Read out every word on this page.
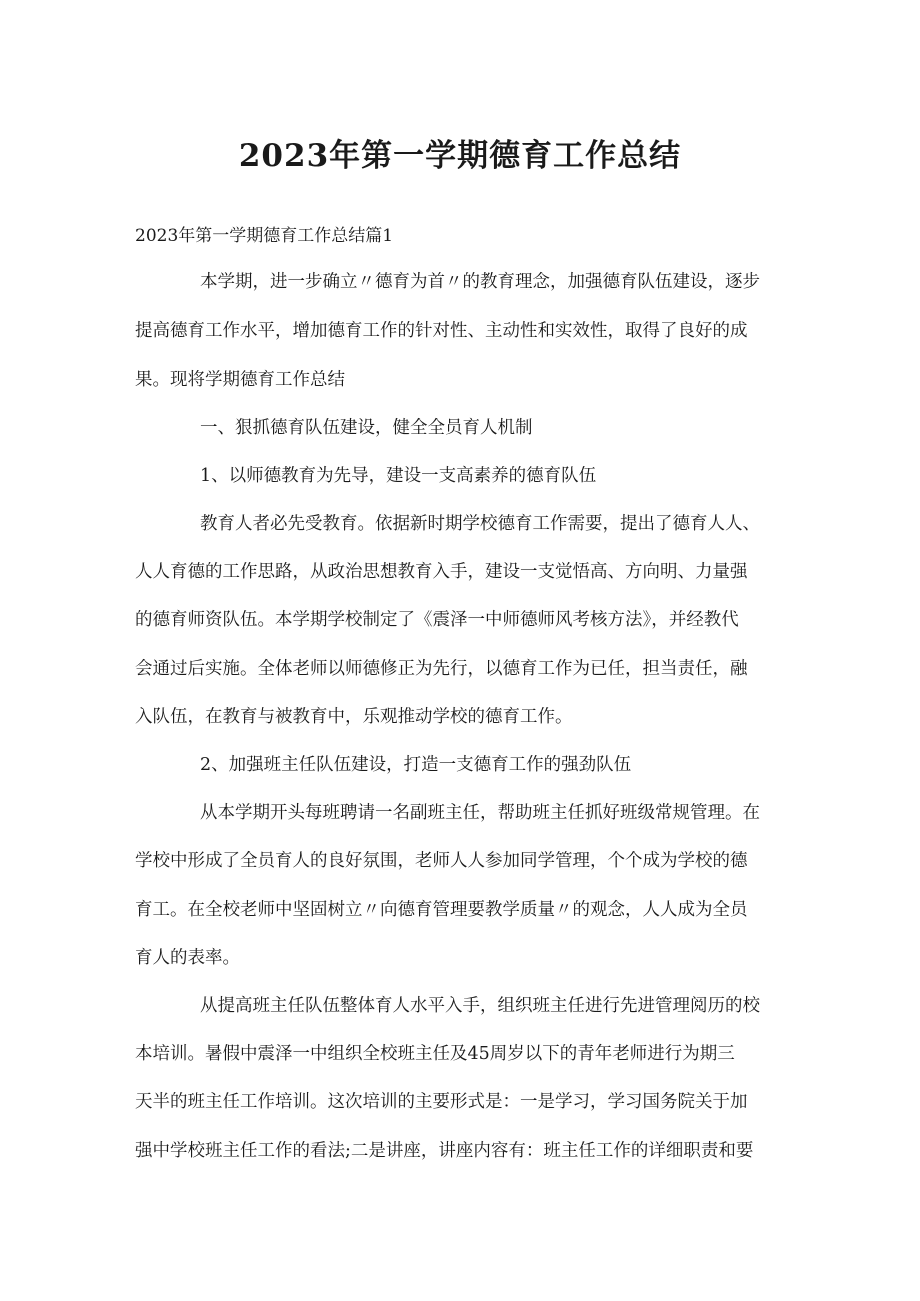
2023年第一学期德育工作总结

2023年第一学期德育工作总结篇1

本学期，进一步确立〃德育为首〃的教育理念，加强德育队伍建设，逐步

提高德育工作水平，增加德育工作的针对性、主动性和实效性，取得了良好的成

果。现将学期德育工作总结

一、狠抓德育队伍建设，健全全员育人机制

1、以师德教育为先导，建设一支高素养的德育队伍

教育人者必先受教育。依据新时期学校德育工作需要，提出了德育人人、

人人育德的工作思路，从政治思想教育入手，建设一支觉悟高、方向明、力量强

的德育师资队伍。本学期学校制定了《震泽一中师德师风考核方法》，并经教代

会通过后实施。全体老师以师德修正为先行，以德育工作为已任，担当责任，融

入队伍，在教育与被教育中，乐观推动学校的德育工作。

2、加强班主任队伍建设，打造一支德育工作的强劲队伍

从本学期开头每班聘请一名副班主任，帮助班主任抓好班级常规管理。在

学校中形成了全员育人的良好氛围，老师人人参加同学管理，个个成为学校的德

育工。在全校老师中坚固树立〃向德育管理要教学质量〃的观念，人人成为全员

育人的表率。

从提高班主任队伍整体育人水平入手，组织班主任进行先进管理阅历的校

本培训。暑假中震泽一中组织全校班主任及45周岁以下的青年老师进行为期三

天半的班主任工作培训。这次培训的主要形式是：一是学习，学习国务院关于加

强中学校班主任工作的看法;二是讲座，讲座内容有：班主任工作的详细职责和要
